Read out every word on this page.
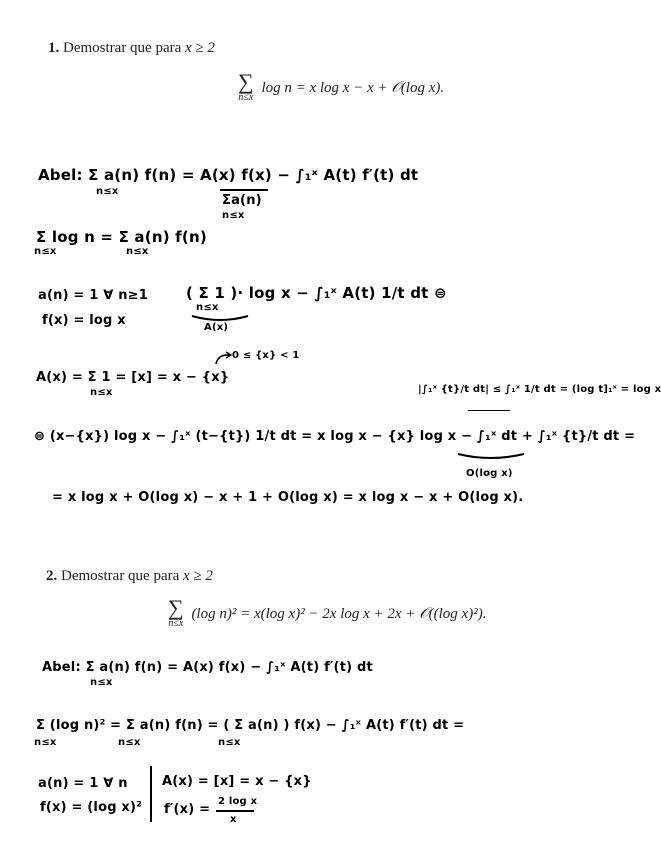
1. Demostrar que para x ≥ 2
∑
n≤x
log n = x log x − x + 𝒪(log x).
Abel: Σ a(n) f(n) = A(x) f(x) − ∫₁ˣ A(t) f′(t) dt
n≤x
Σa(n)
n≤x
Σ log n = Σ a(n) f(n)
n≤x	n≤x
a(n) = 1 ∀ n≥1
f(x) = log x
( Σ 1 )· log x − ∫₁ˣ A(t) 1/t dt ⊜
n≤x
A(x)
0 ≤ {x} < 1
A(x) = Σ 1 = [x] = x − {x}
n≤x	|∫₁ˣ {t}/t dt| ≤ ∫₁ˣ 1/t dt = (log t]₁ˣ = log x
⊜ (x−{x}) log x − ∫₁ˣ (t−{t}) 1/t dt = x log x − {x} log x − ∫₁ˣ dt + ∫₁ˣ {t}/t dt =
O(log x)
= x log x + O(log x) − x + 1 + O(log x) = x log x − x + O(log x).
2. Demostrar que para x ≥ 2
∑
n≤x
(log n)² = x(log x)² − 2x log x + 2x + 𝒪((log x)²).
Abel: Σ a(n) f(n) = A(x) f(x) − ∫₁ˣ A(t) f′(t) dt
n≤x
Σ (log n)² = Σ a(n) f(n) = ( Σ a(n) ) f(x) − ∫₁ˣ A(t) f′(t) dt =
n≤x	n≤x	n≤x
a(n) = 1 ∀ n
f(x) = (log x)²
A(x) = [x] = x − {x}
f′(x) =
2 log x
x
